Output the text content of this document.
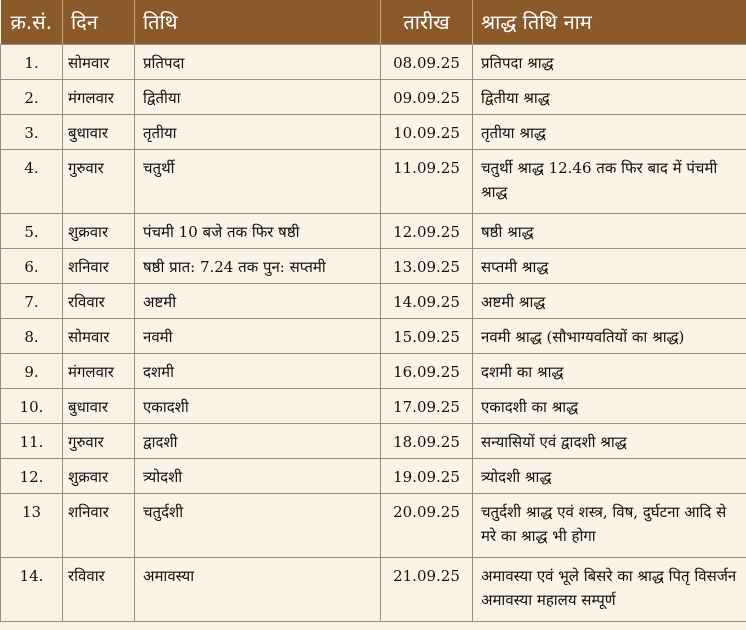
क्र.सं.	दिन	तिथि	तारीख	श्राद्ध तिथि नाम
1.	सोमवार	प्रतिपदा	08.09.25	प्रतिपदा श्राद्ध
2.	मंगलवार	द्वितीया	09.09.25	द्वितीया श्राद्ध
3.	बुधावार	तृतीया	10.09.25	तृतीया श्राद्ध
4.	गुरुवार	चतुर्थी	11.09.25	चतुर्थी श्राद्ध 12.46 तक फिर बाद में पंचमी श्राद्ध
5.	शुक्रवार	पंचमी 10 बजे तक फिर षष्ठी	12.09.25	षष्ठी श्राद्ध
6.	शनिवार	षष्ठी प्रात: 7.24 तक पुन: सप्तमी	13.09.25	सप्तमी श्राद्ध
7.	रविवार	अष्टमी	14.09.25	अष्टमी श्राद्ध
8.	सोमवार	नवमी	15.09.25	नवमी श्राद्ध (सौभाग्यवतियों का श्राद्ध)
9.	मंगलवार	दशमी	16.09.25	दशमी का श्राद्ध
10.	बुधावार	एकादशी	17.09.25	एकादशी का श्राद्ध
11.	गुरुवार	द्वादशी	18.09.25	सन्यासियों एवं द्वादशी श्राद्ध
12.	शुक्रवार	त्र्योदशी	19.09.25	त्र्योदशी श्राद्ध
13	शनिवार	चतुर्दशी	20.09.25	चतुर्दशी श्राद्ध एवं शस्त्र, विष, दुर्घटना आदि से मरे का श्राद्ध भी होगा
14.	रविवार	अमावस्या	21.09.25	अमावस्या एवं भूले बिसरे का श्राद्ध पितृ विसर्जन अमावस्या महालय सम्पूर्ण
